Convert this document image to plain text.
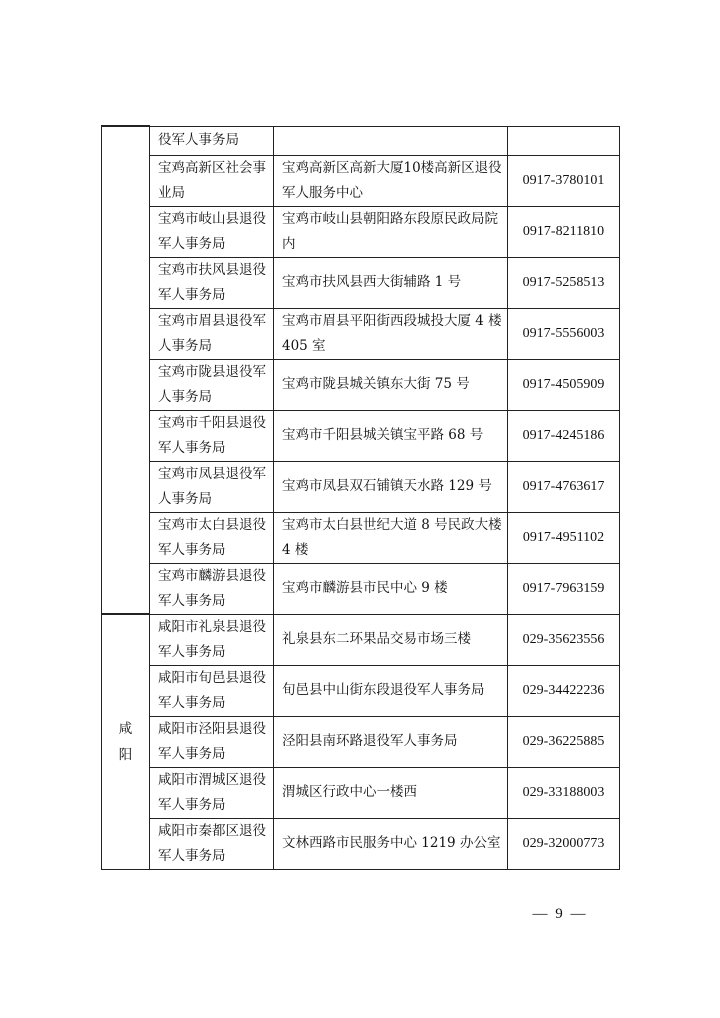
	役军人事务局		

	宝鸡高新区社会事业局	宝鸡高新区高新大厦10楼高新区退役军人服务中心	0917-3780101

	宝鸡市岐山县退役军人事务局	宝鸡市岐山县朝阳路东段原民政局院内	0917-8211810

	宝鸡市扶风县退役军人事务局	宝鸡市扶风县西大街辅路 1 号	0917-5258513

	宝鸡市眉县退役军人事务局	宝鸡市眉县平阳街西段城投大厦 4 楼 405 室	0917-5556003

	宝鸡市陇县退役军人事务局	宝鸡市陇县城关镇东大街 75 号	0917-4505909

	宝鸡市千阳县退役军人事务局	宝鸡市千阳县城关镇宝平路 68 号	0917-4245186

	宝鸡市凤县退役军人事务局	宝鸡市凤县双石铺镇天水路 129 号	0917-4763617

	宝鸡市太白县退役军人事务局	宝鸡市太白县世纪大道 8 号民政大楼 4 楼	0917-4951102

	宝鸡市麟游县退役军人事务局	宝鸡市麟游县市民中心 9 楼	0917-7963159

咸
阳	咸阳市礼泉县退役军人事务局	礼泉县东二环果品交易市场三楼	029-35623556

	咸阳市旬邑县退役军人事务局	旬邑县中山街东段退役军人事务局	029-34422236

	咸阳市泾阳县退役军人事务局	泾阳县南环路退役军人事务局	029-36225885

	咸阳市渭城区退役军人事务局	渭城区行政中心一楼西	029-33188003

	咸阳市秦都区退役军人事务局	文林西路市民服务中心 1219 办公室	029-32000773
— 9 —
